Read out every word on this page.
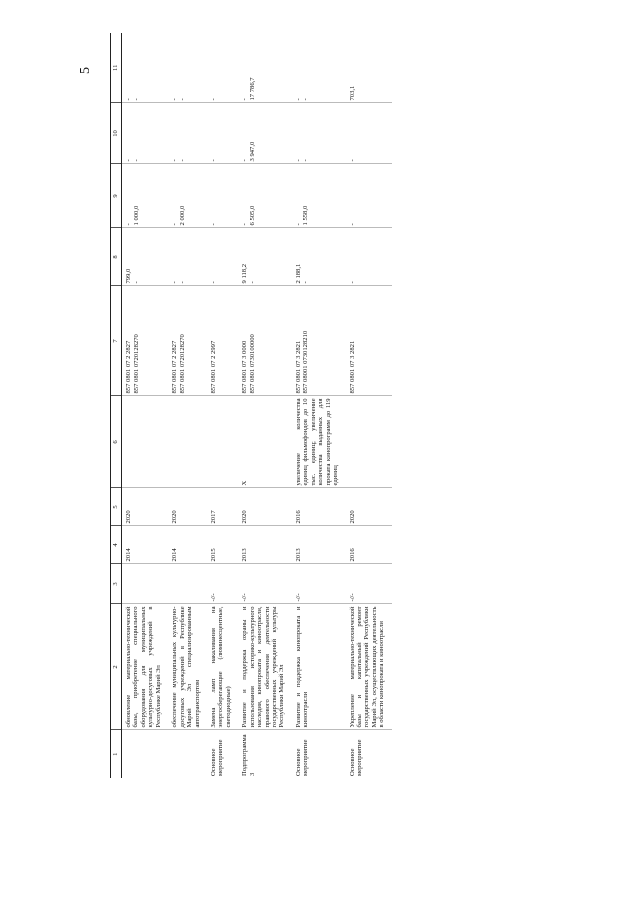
5
1	2	3	4	5	6	7	8	9	10	11
	обновление материально-технической базы, приобретение специального оборудования для муниципальных культурно-досуговых учреждений в Республике Марий Эл		2014	2020		857 0801 07 2 2827 857 0801 0720128270	799,0 -	- 1 000,0	- -	- -

	обеспечение муниципальных культурно-досуговых учреждений в Республике Марий Эл специализированным автотранспортом		2014	2020		857 0801 07 2 2827 857 0801 0720128270	- -	- 2 000,0	- -	- -

Основное мероприятие	Замена ламп накаливания на энергосберегающие (люминесцентные, светодиодные)	-//-	2015	2017		857 0801 07 2 2997	-	-	-	-

Подпрограмма 3	Развитие и поддержка охраны и использования историко-культурного наследия, кинопроката и киноотрасли, правового обеспечения деятельности государственных учреждений культуры Республики Марий Эл	-//-	2013	2020	X	857 0801 07 3 0000 857 0801 0730100000	9 118,2 -	- 6 505,0	- 3 947,0	- 17 786,7

Основное мероприятие	Развитие и поддержка кинопроката и киноотрасли	-//-	2013	2016	увеличение количества единиц фильмофондов до 10 тыс. единиц; увеличение количества выданных для проката кинопрограмм до 119 единиц	857 0801 07 3 2821 857 08001 0730128210	2 188,1 -	- 1 558,0	- -	- -

Основное мероприятие	Укрепление материально-технической базы и капитальный ремонт государственных учреждений Республики Марий Эл, осуществляющих деятельность в области кинопроката и киноотрасли	-//-	2016	2020		857 0801 07 3 2821	-	-	-	703,1
